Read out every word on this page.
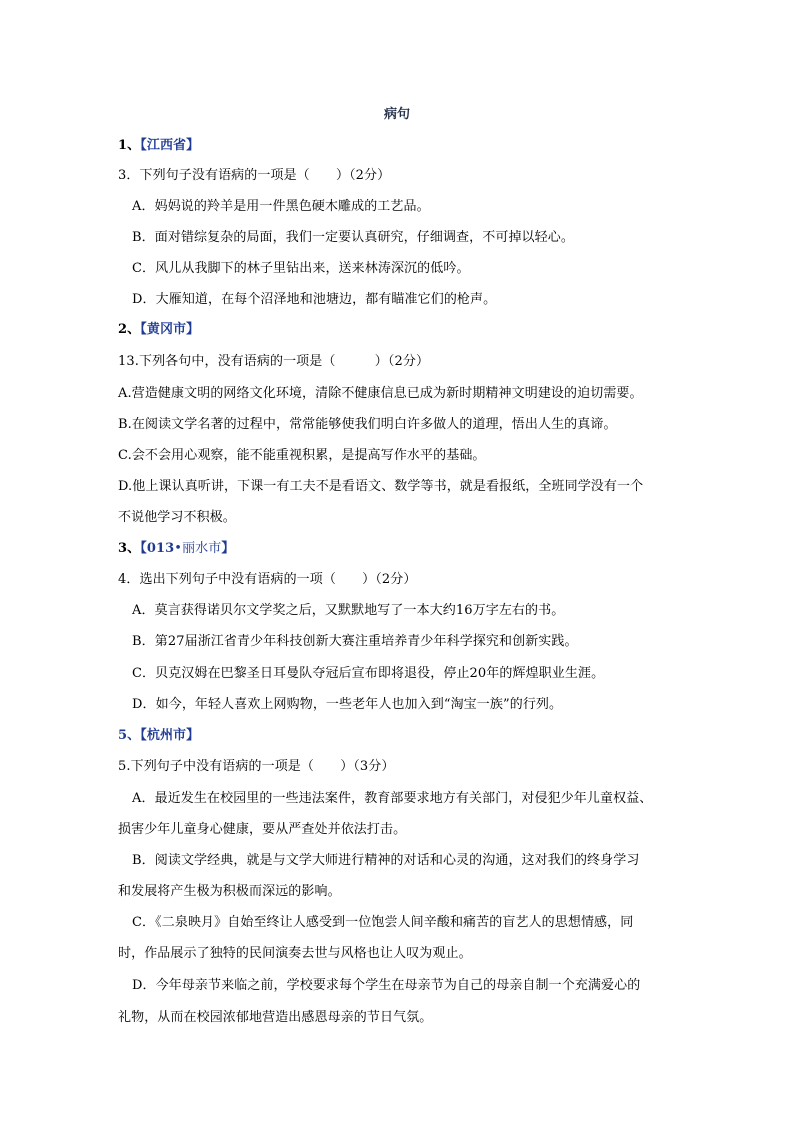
病句
1、【江西省】
3．下列句子没有语病的一项是（　　）（2分）
A．妈妈说的羚羊是用一件黑色硬木雕成的工艺品。
B．面对错综复杂的局面，我们一定要认真研究，仔细调查，不可掉以轻心。
C．风儿从我脚下的林子里钻出来，送来林涛深沉的低吟。
D．大雁知道，在每个沼泽地和池塘边，都有瞄准它们的枪声。
2、【黄冈市】
13.下列各句中，没有语病的一项是（　　　）（2分）
A.营造健康文明的网络文化环境，清除不健康信息已成为新时期精神文明建设的迫切需要。
B.在阅读文学名著的过程中，常常能够使我们明白许多做人的道理，悟出人生的真谛。
C.会不会用心观察，能不能重视积累，是提高写作水平的基础。
D.他上课认真听讲，下课一有工夫不是看语文、数学等书，就是看报纸，全班同学没有一个
不说他学习不积极。
3、【013•丽水市】
4．选出下列句子中没有语病的一项（　　）（2分）
A．莫言获得诺贝尔文学奖之后，又默默地写了一本大约16万字左右的书。
B．第27届浙江省青少年科技创新大赛注重培养青少年科学探究和创新实践。
C．贝克汉姆在巴黎圣日耳曼队夺冠后宣布即将退役，停止20年的辉煌职业生涯。
D．如今，年轻人喜欢上网购物，一些老年人也加入到“淘宝一族”的行列。
5、【杭州市】
5.下列句子中没有语病的一项是（　　）（3分）
A．最近发生在校园里的一些违法案件，教育部要求地方有关部门，对侵犯少年儿童权益、
损害少年儿童身心健康，要从严查处并依法打击。
B．阅读文学经典，就是与文学大师进行精神的对话和心灵的沟通，这对我们的终身学习
和发展将产生极为积极而深远的影响。
C．《二泉映月》自始至终让人感受到一位饱尝人间辛酸和痛苦的盲艺人的思想情感，同
时，作品展示了独特的民间演奏去世与风格也让人叹为观止。
D．今年母亲节来临之前，学校要求每个学生在母亲节为自己的母亲自制一个充满爱心的
礼物，从而在校园浓郁地营造出感恩母亲的节日气氛。
